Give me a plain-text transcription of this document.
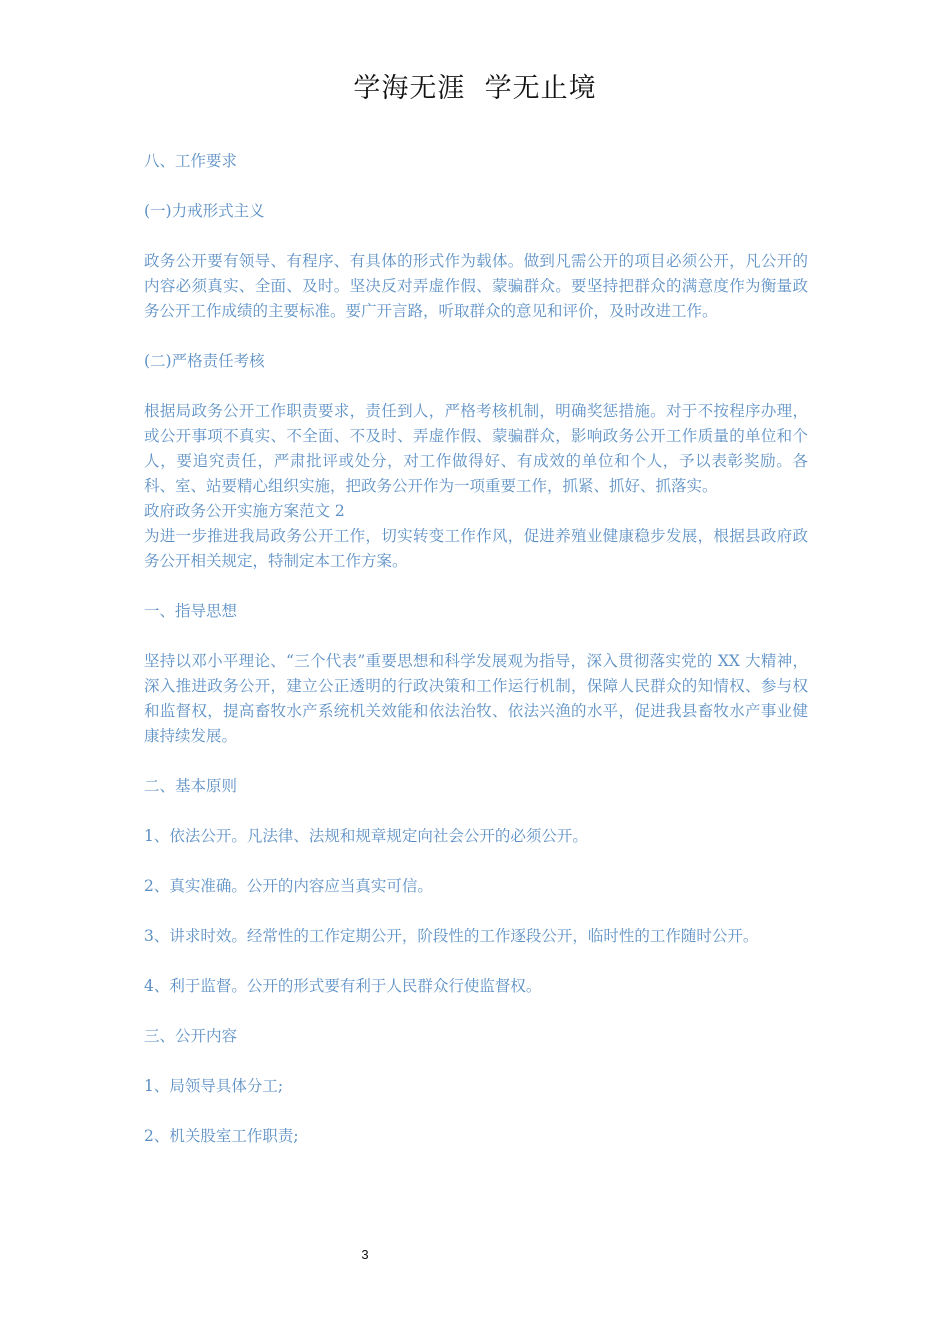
学海无涯  学无止境

八、工作要求

(一)力戒形式主义

政务公开要有领导、有程序、有具体的形式作为载体。做到凡需公开的项目必须公开，凡公开的内容必须真实、全面、及时。坚决反对弄虚作假、蒙骗群众。要坚持把群众的满意度作为衡量政务公开工作成绩的主要标准。要广开言路，听取群众的意见和评价，及时改进工作。

(二)严格责任考核

根据局政务公开工作职责要求，责任到人，严格考核机制，明确奖惩措施。对于不按程序办理，或公开事项不真实、不全面、不及时、弄虚作假、蒙骗群众，影响政务公开工作质量的单位和个人，要追究责任，严肃批评或处分，对工作做得好、有成效的单位和个人，予以表彰奖励。各科、室、站要精心组织实施，把政务公开作为一项重要工作，抓紧、抓好、抓落实。

政府政务公开实施方案范文 2

为进一步推进我局政务公开工作，切实转变工作作风，促进养殖业健康稳步发展，根据县政府政务公开相关规定，特制定本工作方案。

一、指导思想

坚持以邓小平理论、“三个代表”重要思想和科学发展观为指导，深入贯彻落实党的 XX 大精神，深入推进政务公开，建立公正透明的行政决策和工作运行机制，保障人民群众的知情权、参与权和监督权，提高畜牧水产系统机关效能和依法治牧、依法兴渔的水平，促进我县畜牧水产事业健康持续发展。

二、基本原则

1、依法公开。凡法律、法规和规章规定向社会公开的必须公开。

2、真实准确。公开的内容应当真实可信。

3、讲求时效。经常性的工作定期公开，阶段性的工作逐段公开，临时性的工作随时公开。

4、利于监督。公开的形式要有利于人民群众行使监督权。

三、公开内容

1、局领导具体分工;

2、机关股室工作职责;

3
